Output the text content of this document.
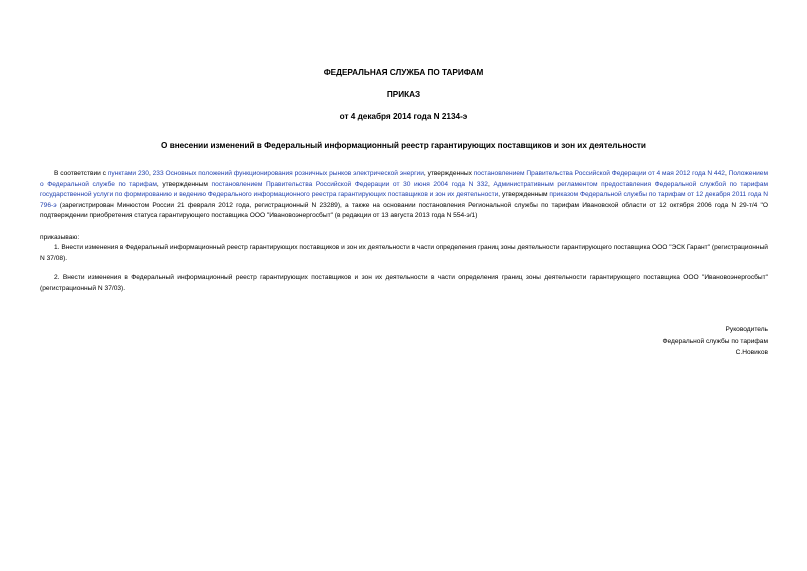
ФЕДЕРАЛЬНАЯ СЛУЖБА ПО ТАРИФАМ
ПРИКАЗ
от 4 декабря 2014 года N 2134-э
О внесении изменений в Федеральный информационный реестр гарантирующих поставщиков и зон их деятельности
В соответствии с пунктами 230, 233 Основных положений функционирования розничных рынков электрической энергии, утвержденных постановлением Правительства Российской Федерации от 4 мая 2012 года N 442, Положением о Федеральной службе по тарифам, утвержденным постановлением Правительства Российской Федерации от 30 июня 2004 года N 332, Административным регламентом предоставления Федеральной службой по тарифам государственной услуги по формированию и ведению Федерального информационного реестра гарантирующих поставщиков и зон их деятельности, утвержденным приказом Федеральной службы по тарифам от 12 декабря 2011 года N 796-э (зарегистрирован Минюстом России 21 февраля 2012 года, регистрационный N 23289), а также на основании постановления Региональной службы по тарифам Ивановской области от 12 октября 2006 года N 29-т/4 "О подтверждении приобретения статуса гарантирующего поставщика ООО "Ивановоэнергосбыт" (в редакции от 13 августа 2013 года N 554-э/1)
приказываю:
1. Внести изменения в Федеральный информационный реестр гарантирующих поставщиков и зон их деятельности в части определения границ зоны деятельности гарантирующего поставщика ООО "ЭСК Гарант" (регистрационный N 37/08).
2. Внести изменения в Федеральный информационный реестр гарантирующих поставщиков и зон их деятельности в части определения границ зоны деятельности гарантирующего поставщика ООО "Ивановоэнергосбыт" (регистрационный N 37/03).
Руководитель
Федеральной службы по тарифам
С.Новиков
